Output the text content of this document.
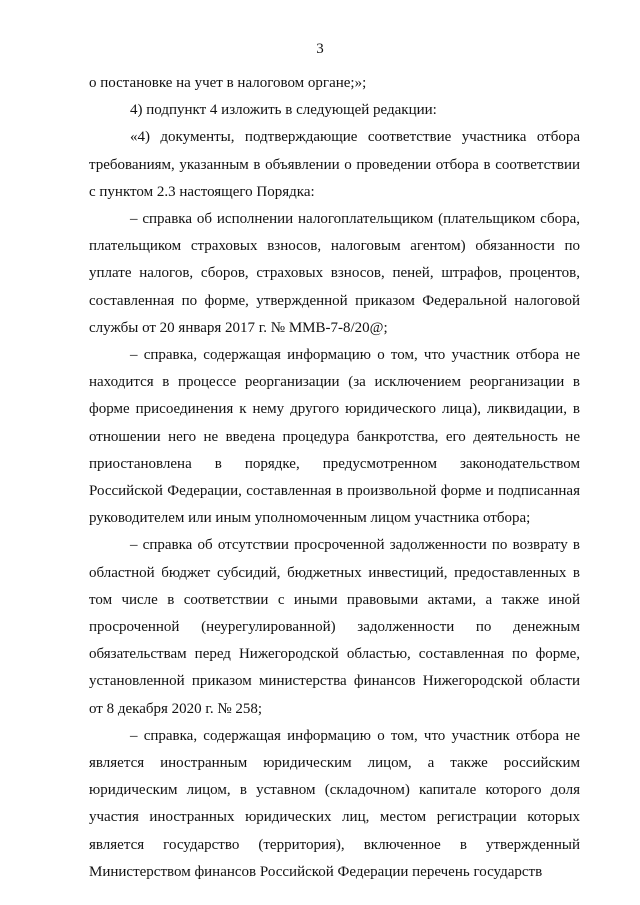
3

о постановке на учет в налоговом органе;»;

4) подпункт 4 изложить в следующей редакции:

«4) документы, подтверждающие соответствие участника отбора требованиям, указанным в объявлении о проведении отбора в соответствии с пунктом 2.3 настоящего Порядка:

– справка об исполнении налогоплательщиком (плательщиком сбора, плательщиком страховых взносов, налоговым агентом) обязанности по уплате налогов, сборов, страховых взносов, пеней, штрафов, процентов, составленная по форме, утвержденной приказом Федеральной налоговой службы от 20 января 2017 г. № ММВ-7-8/20@;

– справка, содержащая информацию о том, что участник отбора не находится в процессе реорганизации (за исключением реорганизации в форме присоединения к нему другого юридического лица), ликвидации, в отношении него не введена процедура банкротства, его деятельность не приостановлена в порядке, предусмотренном законодательством Российской Федерации, составленная в произвольной форме и подписанная руководителем или иным уполномоченным лицом участника отбора;

– справка об отсутствии просроченной задолженности по возврату в областной бюджет субсидий, бюджетных инвестиций, предоставленных в том числе в соответствии с иными правовыми актами, а также иной просроченной (неурегулированной) задолженности по денежным обязательствам перед Нижегородской областью, составленная по форме, установленной приказом министерства финансов Нижегородской области от 8 декабря 2020 г. № 258;

– справка, содержащая информацию о том, что участник отбора не является иностранным юридическим лицом, а также российским юридическим лицом, в уставном (складочном) капитале которого доля участия иностранных юридических лиц, местом регистрации которых является государство (территория), включенное в утвержденный Министерством финансов Российской Федерации перечень государств
